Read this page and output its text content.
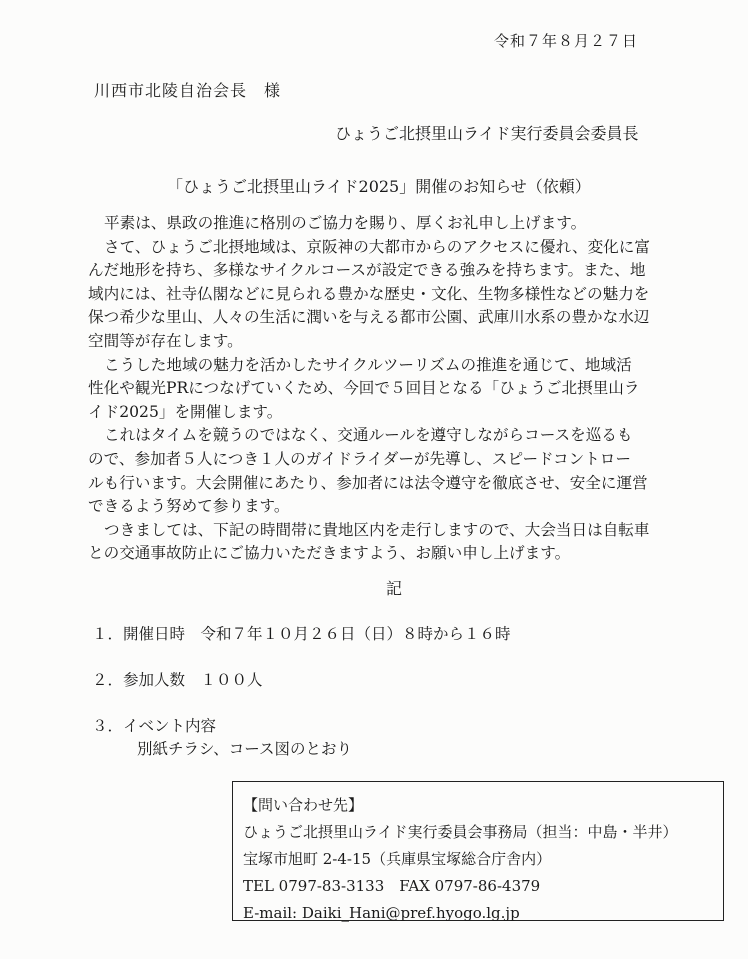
令和７年８月２７日
川西市北陵自治会長　様
ひょうご北摂里山ライド実行委員会委員長
「ひょうご北摂里山ライド2025」開催のお知らせ（依頼）

平素は、県政の推進に格別のご協力を賜り、厚くお礼申し上げます。

さて、ひょうご北摂地域は、京阪神の大都市からのアクセスに優れ、変化に富

んだ地形を持ち、多様なサイクルコースが設定できる強みを持ちます。また、地

域内には、社寺仏閣などに見られる豊かな歴史・文化、生物多様性などの魅力を

保つ希少な里山、人々の生活に潤いを与える都市公園、武庫川水系の豊かな水辺

空間等が存在します。

こうした地域の魅力を活かしたサイクルツーリズムの推進を通じて、地域活

性化や観光PRにつなげていくため、今回で５回目となる「ひょうご北摂里山ラ

イド2025」を開催します。

これはタイムを競うのではなく、交通ルールを遵守しながらコースを巡るも

ので、参加者５人につき１人のガイドライダーが先導し、スピードコントロー

ルも行います。大会開催にあたり、参加者には法令遵守を徹底させ、安全に運営

できるよう努めて参ります。

つきましては、下記の時間帯に貴地区内を走行しますので、大会当日は自転車

との交通事故防止にご協力いただきますよう、お願い申し上げます。

記
１．開催日時　令和７年１０月２６日（日）８時から１６時
２．参加人数　１００人
３．イベント内容
別紙チラシ、コース図のとおり
【問い合わせ先】
ひょうご北摂里山ライド実行委員会事務局（担当：中島・半井）
宝塚市旭町 2-4-15（兵庫県宝塚総合庁舎内）
TEL 0797-83-3133　FAX 0797-86-4379
E-mail: Daiki_Hani@pref.hyogo.lg.jp
